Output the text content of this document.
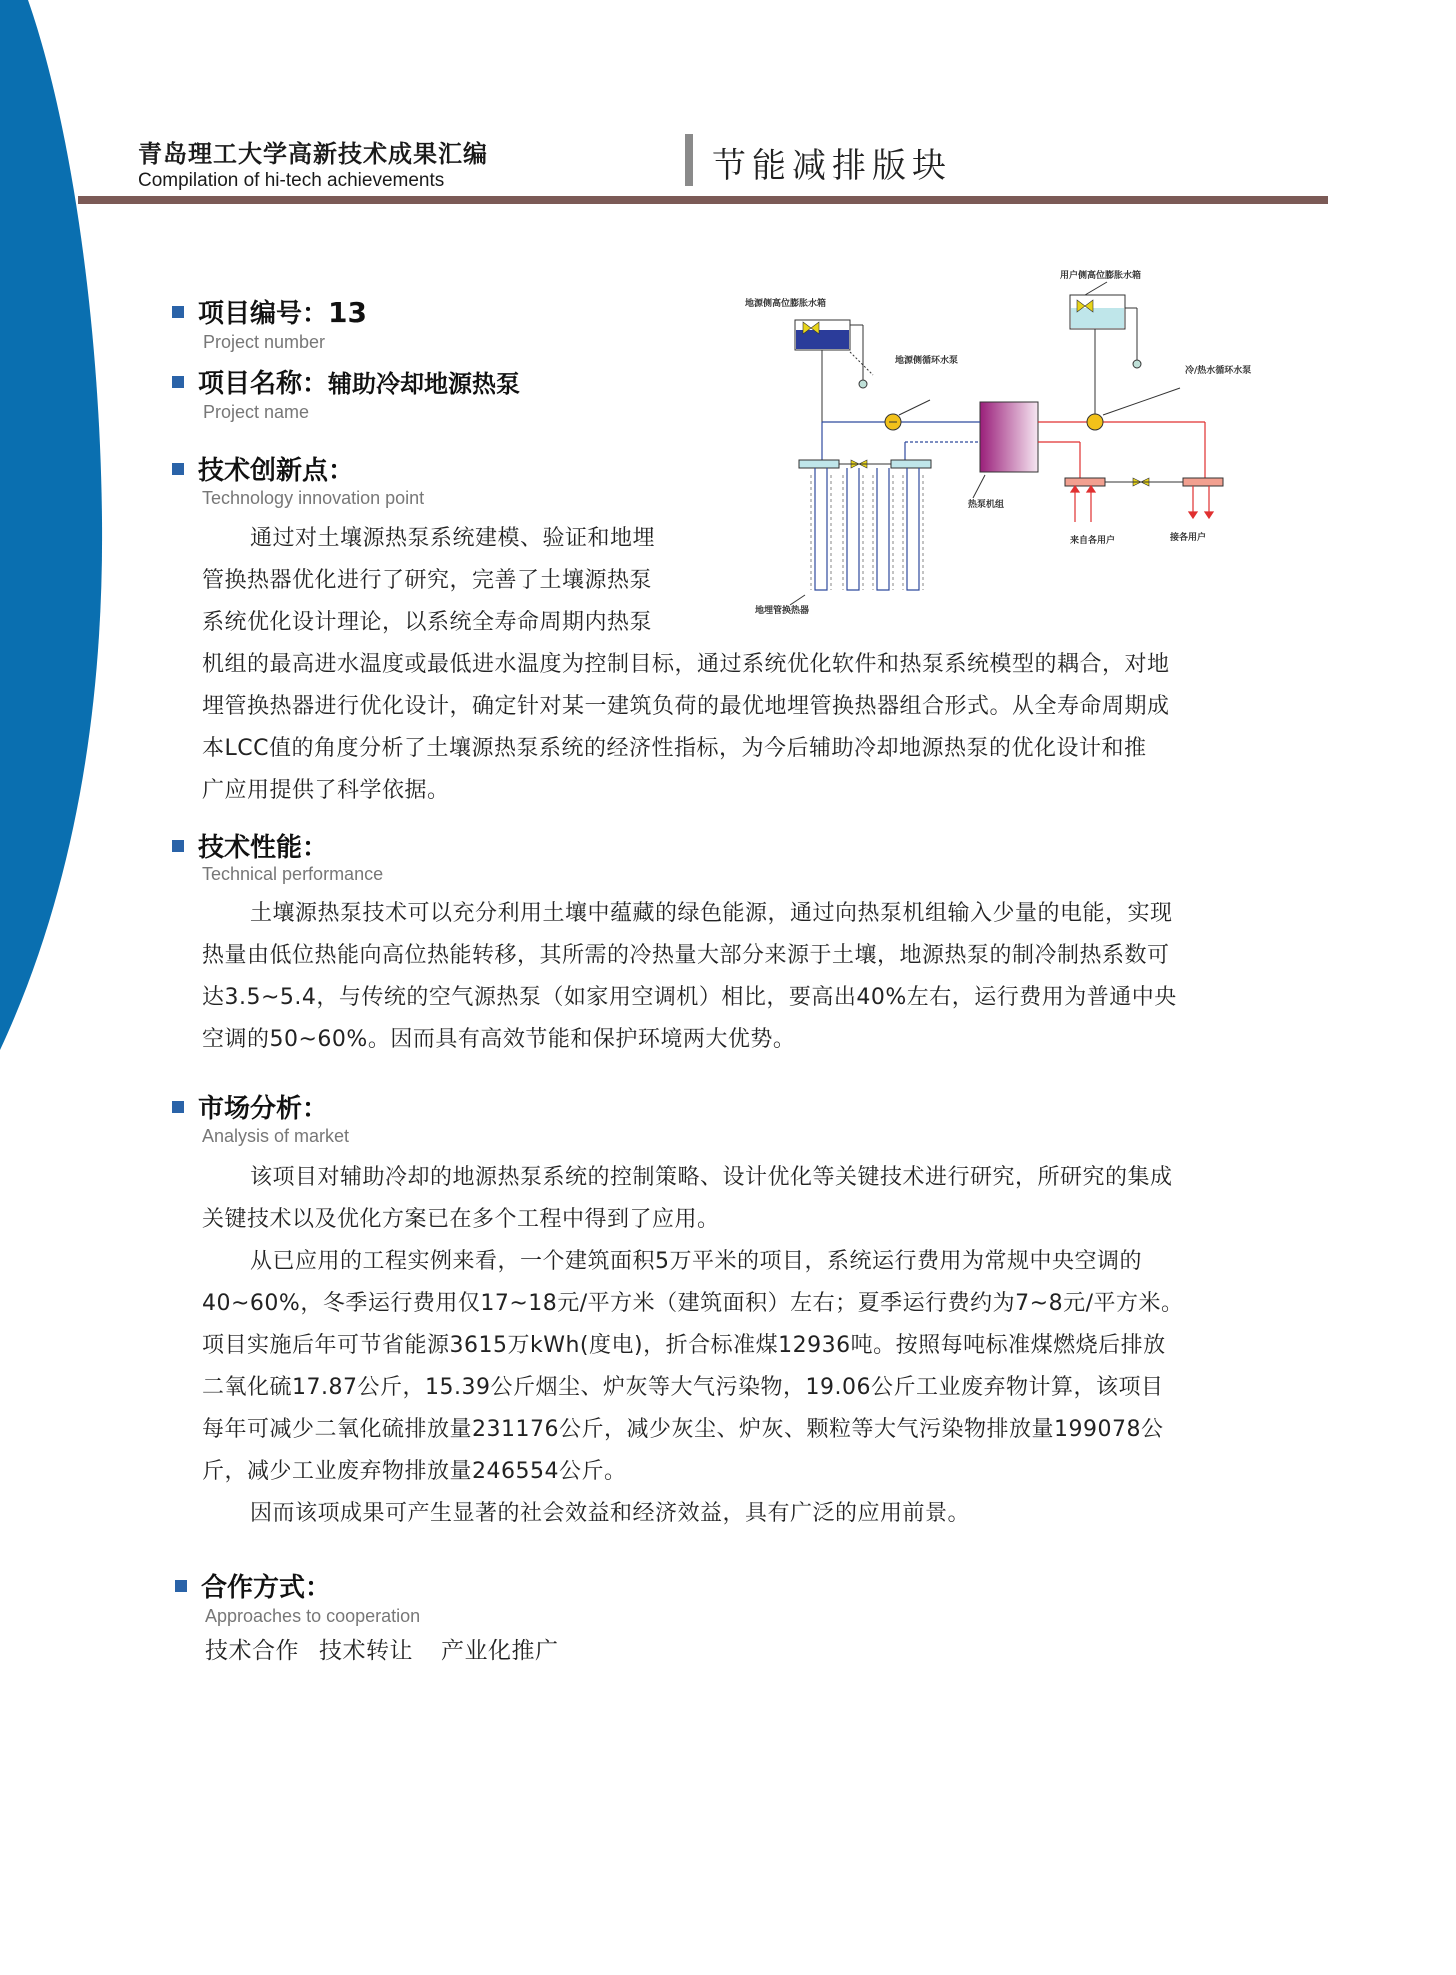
青岛理工大学高新技术成果汇编
Compilation of hi-tech achievements	节能减排版块
项目编号：13
Project number
项目名称：辅助冷却地源热泵
Project name
技术创新点：
Technology innovation point
通过对土壤源热泵系统建模、验证和地埋
管换热器优化进行了研究，完善了土壤源热泵
系统优化设计理论，以系统全寿命周期内热泵
机组的最高进水温度或最低进水温度为控制目标，通过系统优化软件和热泵系统模型的耦合，对地
埋管换热器进行优化设计，确定针对某一建筑负荷的最优地埋管换热器组合形式。从全寿命周期成
本LCC值的角度分析了土壤源热泵系统的经济性指标，为今后辅助冷却地源热泵的优化设计和推
广应用提供了科学依据。
技术性能：
Technical performance
土壤源热泵技术可以充分利用土壤中蕴藏的绿色能源，通过向热泵机组输入少量的电能，实现
热量由低位热能向高位热能转移，其所需的冷热量大部分来源于土壤，地源热泵的制冷制热系数可
达3.5~5.4，与传统的空气源热泵（如家用空调机）相比，要高出40%左右，运行费用为普通中央
空调的50~60%。因而具有高效节能和保护环境两大优势。
市场分析：
Analysis of market
该项目对辅助冷却的地源热泵系统的控制策略、设计优化等关键技术进行研究，所研究的集成
关键技术以及优化方案已在多个工程中得到了应用。
从已应用的工程实例来看，一个建筑面积5万平米的项目，系统运行费用为常规中央空调的
40~60%，冬季运行费用仅17~18元/平方米（建筑面积）左右；夏季运行费约为7~8元/平方米。
项目实施后年可节省能源3615万kWh(度电)，折合标准煤12936吨。按照每吨标准煤燃烧后排放
二氧化硫17.87公斤，15.39公斤烟尘、炉灰等大气污染物，19.06公斤工业废弃物计算，该项目
每年可减少二氧化硫排放量231176公斤，减少灰尘、炉灰、颗粒等大气污染物排放量199078公
斤，减少工业废弃物排放量246554公斤。
因而该项成果可产生显著的社会效益和经济效益，具有广泛的应用前景。
合作方式：
Approaches to cooperation
技术合作 技术转让 产业化推广
用户侧高位膨胀水箱
地源侧高位膨胀水箱
地源侧循环水泵
冷/热水循环水泵
热泵机组
来自各用户	接各用户
地埋管换热器
